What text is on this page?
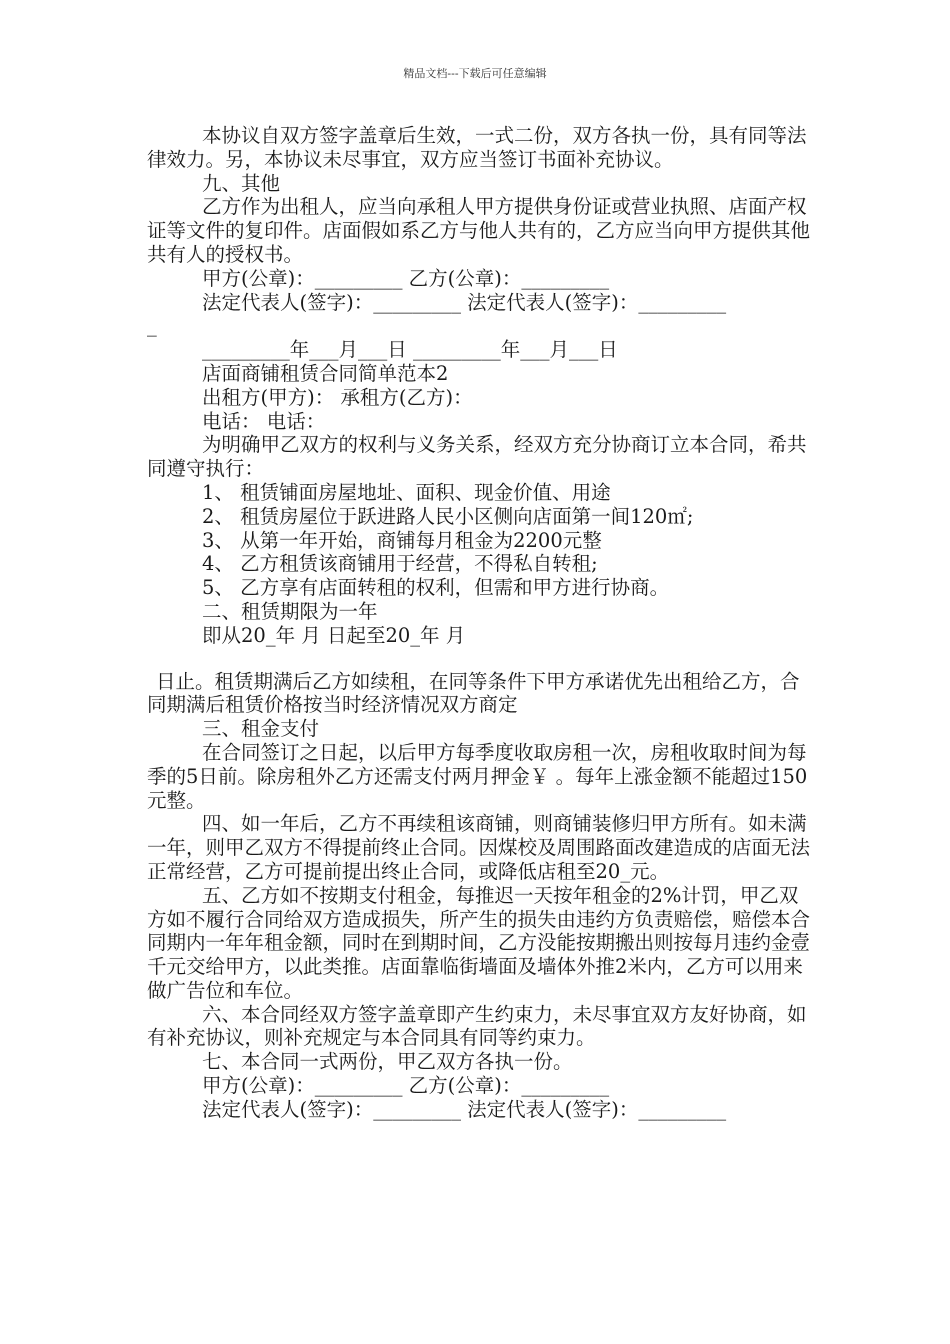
精品文档---下载后可任意编辑

本协议自双方签字盖章后生效，一式二份，双方各执一份，具有同等法律效力。另，本协议未尽事宜，双方应当签订书面补充协议。

九、其他

乙方作为出租人，应当向承租人甲方提供身份证或营业执照、店面产权证等文件的复印件。店面假如系乙方与他人共有的，乙方应当向甲方提供其他共有人的授权书。

甲方(公章)：_________ 乙方(公章)：_________

法定代表人(签字)：_________ 法定代表人(签字)：_________

_

_________年___月___日 _________年___月___日

店面商铺租赁合同简单范本2

出租方(甲方)： 承租方(乙方)：

电话： 电话：

为明确甲乙双方的权利与义务关系，经双方充分协商订立本合同，希共同遵守执行：

1、 租赁铺面房屋地址、面积、现金价值、用途

2、 租赁房屋位于跃进路人民小区侧向店面第一间120㎡;

3、 从第一年开始，商铺每月租金为2200元整

4、 乙方租赁该商铺用于经营，不得私自转租;

5、 乙方享有店面转租的权利，但需和甲方进行协商。

二、租赁期限为一年

即从20_年 月 日起至20_年 月

日止。租赁期满后乙方如续租，在同等条件下甲方承诺优先出租给乙方，合同期满后租赁价格按当时经济情况双方商定

三、租金支付

在合同签订之日起，以后甲方每季度收取房租一次，房租收取时间为每季的5日前。除房租外乙方还需支付两月押金￥ 。每年上涨金额不能超过150元整。

四、如一年后，乙方不再续租该商铺，则商铺装修归甲方所有。如未满一年，则甲乙双方不得提前终止合同。因煤校及周围路面改建造成的店面无法正常经营，乙方可提前提出终止合同，或降低店租至20_元。

五、乙方如不按期支付租金，每推迟一天按年租金的2%计罚，甲乙双方如不履行合同给双方造成损失，所产生的损失由违约方负责赔偿，赔偿本合同期内一年年租金额，同时在到期时间，乙方没能按期搬出则按每月违约金壹千元交给甲方，以此类推。店面靠临街墙面及墙体外推2米内，乙方可以用来做广告位和车位。

六、本合同经双方签字盖章即产生约束力，未尽事宜双方友好协商，如有补充协议，则补充规定与本合同具有同等约束力。

七、本合同一式两份，甲乙双方各执一份。

甲方(公章)：_________ 乙方(公章)：_________

法定代表人(签字)：_________ 法定代表人(签字)：_________
